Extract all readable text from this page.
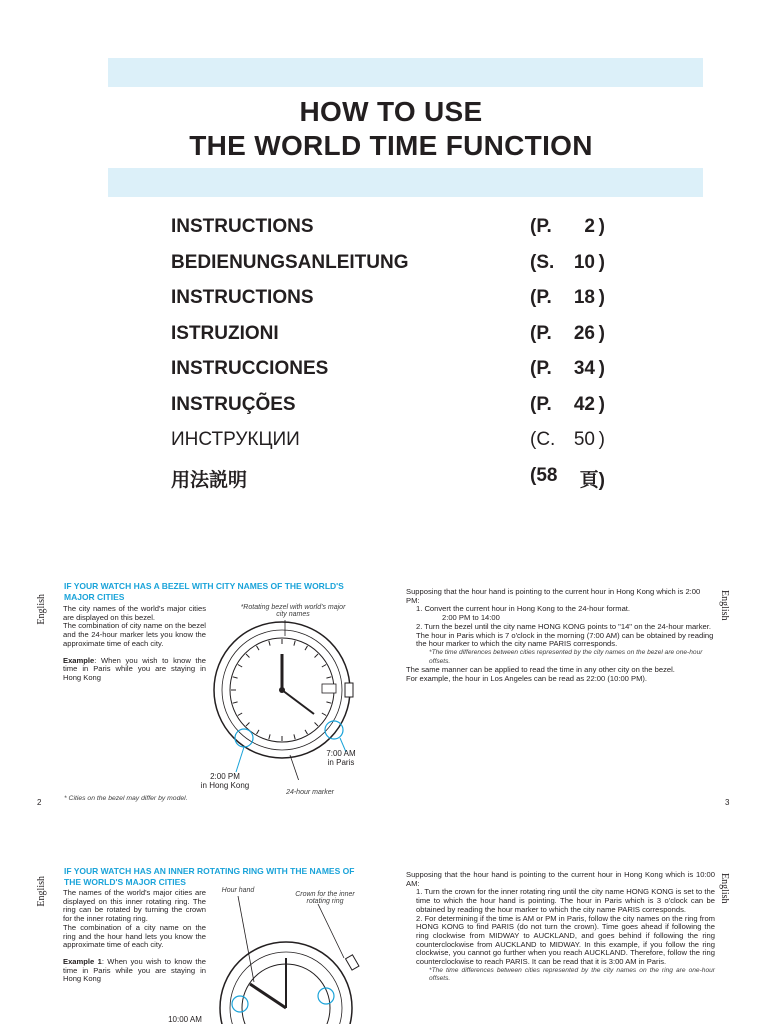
HOW TO USE
THE WORLD TIME FUNCTION
INSTRUCTIONS	(P. 2 )
BEDIENUNGSANLEITUNG	(S. 10 )
INSTRUCTIONS	(P. 18 )
ISTRUZIONI	(P. 26 )
INSTRUCCIONES	(P. 34 )
INSTRUÇÕES	(P. 42 )
ИНСТРУКЦИИ	(C. 50 )
用法説明	(58 頁)
English
IF YOUR WATCH HAS A BEZEL WITH CITY NAMES OF THE WORLD'S MAJOR CITIES

The city names of the world's major cities are displayed on this bezel.

The combination of city name on the bezel and the 24-hour marker lets you know the approximate time of each city.

Example: When you wish to know the time in Paris while you are staying in Hong Kong

*Rotating bezel with world's major city names
7:00 AM
in Paris
2:00 PM
in Hong Kong
24-hour marker
* Cities on the bezel may differ by model.
2
English

Supposing that the hour hand is pointing to the current hour in Hong Kong which is 2:00 PM:

1. Convert the current hour in Hong Kong to the 24-hour format.

2:00 PM to 14:00

2. Turn the bezel until the city name HONG KONG points to "14" on the 24-hour marker. The hour in Paris which is 7 o'clock in the morning (7:00 AM) can be obtained by reading the hour marker to which the city name PARIS corresponds.

*The time differences between cities represented by the city names on the bezel are one-hour offsets.

The same manner can be applied to read the time in any other city on the bezel.

For example, the hour in Los Angeles can be read as 22:00 (10:00 PM).

3
English
IF YOUR WATCH HAS AN INNER ROTATING RING WITH THE NAMES OF THE WORLD'S MAJOR CITIES

The names of the world's major cities are displayed on this inner rotating ring. The ring can be rotated by turning the crown for the inner rotating ring.

The combination of a city name on the ring and the hour hand lets you know the approximate time of each city.

Example 1: When you wish to know the time in Paris while you are staying in Hong Kong

Hour hand
Crown for the inner rotating ring
10:00 AM
English

Supposing that the hour hand is pointing to the current hour in Hong Kong which is 10:00 AM:

1. Turn the crown for the inner rotating ring until the city name HONG KONG is set to the time to which the hour hand is pointing. The hour in Paris which is 3 o'clock can be obtained by reading the hour marker to which the city name PARIS corresponds.

2. For determining if the time is AM or PM in Paris, follow the city names on the ring from HONG KONG to find PARIS (do not turn the crown). Time goes ahead if following the ring clockwise from MIDWAY to AUCKLAND, and goes behind if following the ring counterclockwise from AUCKLAND to MIDWAY. In this example, if you follow the ring clockwise, you cannot go further when you reach AUCKLAND. Therefore, follow the ring counterclockwise to reach PARIS. It can be read that it is 3:00 AM in Paris.

*The time differences between cities represented by the city names on the ring are one-hour offsets.
